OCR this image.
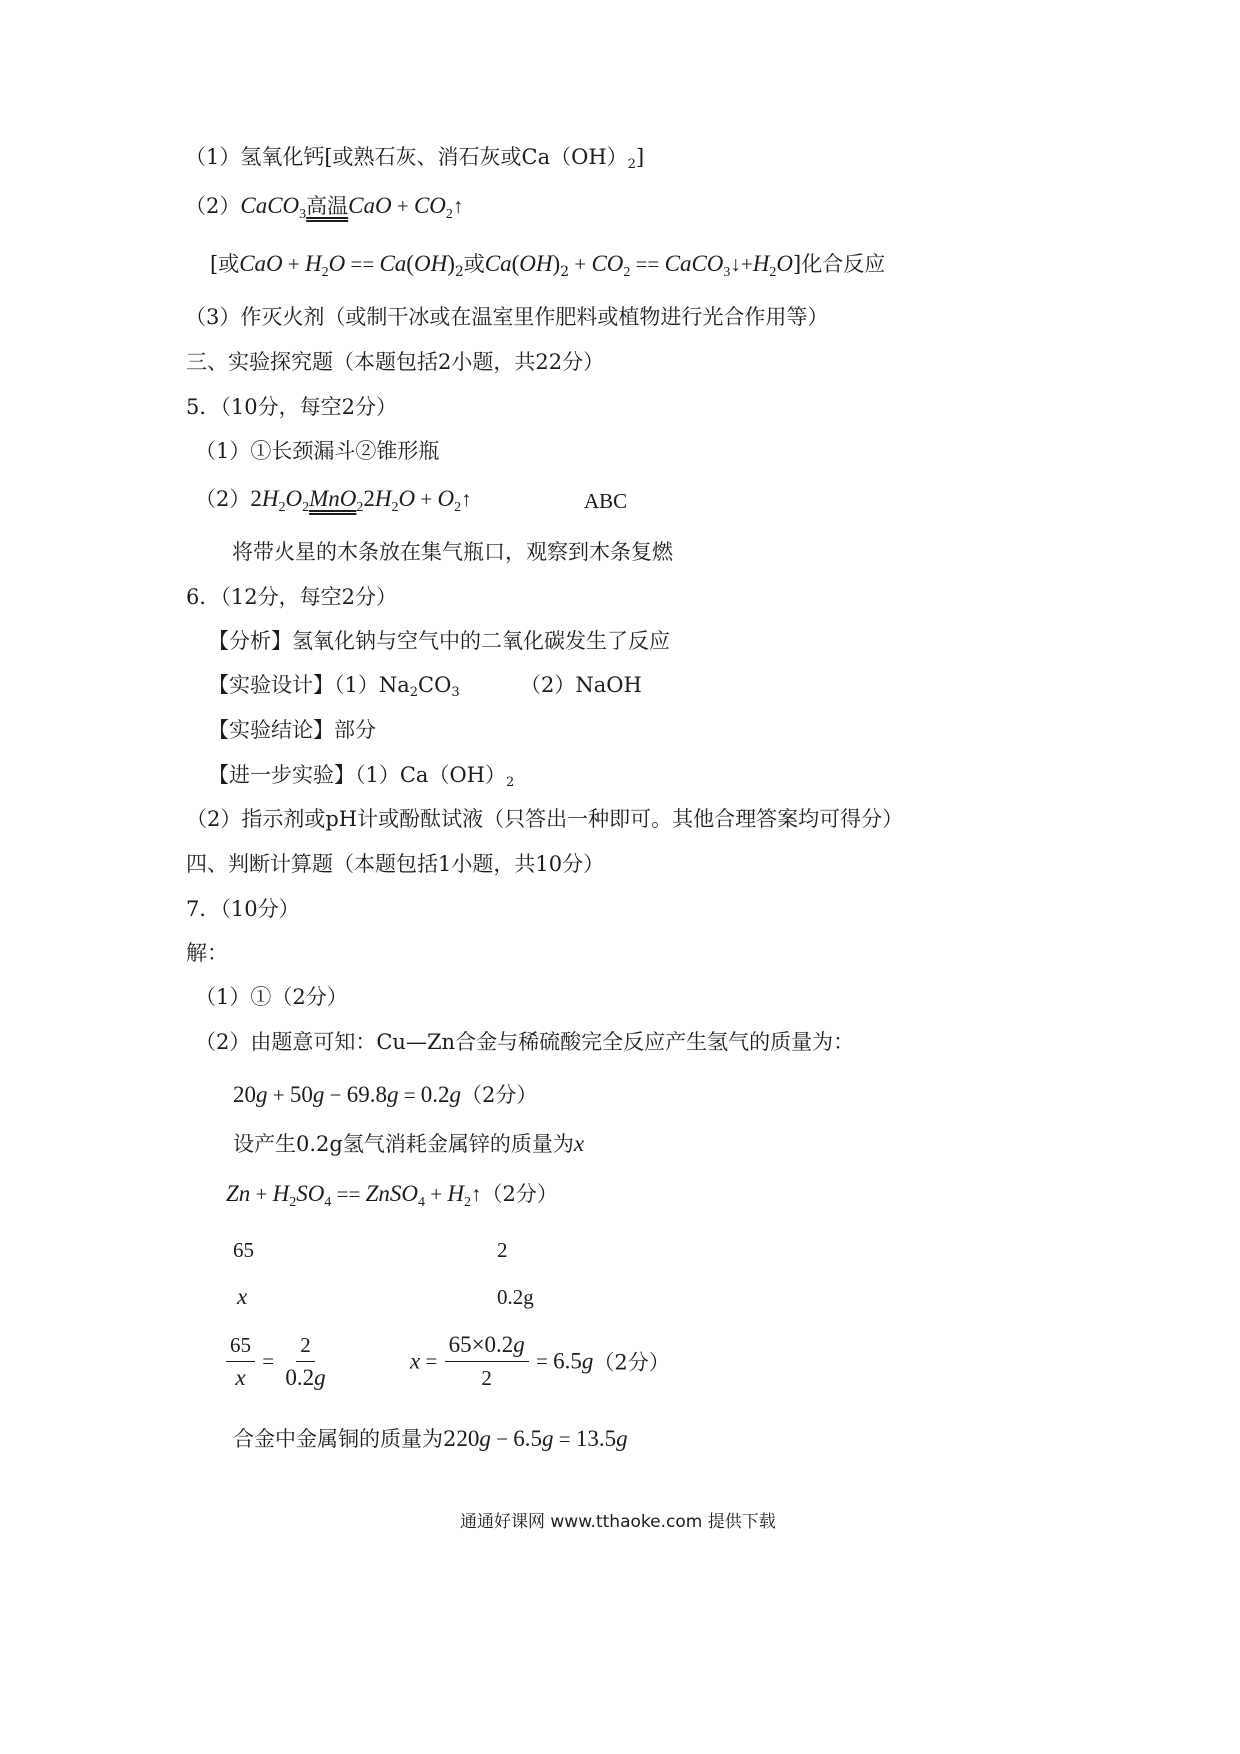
（1）氢氧化钙[或熟石灰、消石灰或Ca（OH）2]
（2）CaCO$_3$高温CaO + $CO_2↑$
[或CaO + $H_2O == Ca(OH)_2$或$Ca(OH)_2 + CO_2$ == CaCO$_3$↓ $+H_2O$]化合反应
（3）作灭火剂（或制干冰或在温室里作肥料或植物进行光合作用等）
三、实验探究题（本题包括2小题，共22分）
5．（10分，每空2分）
（1）①长颈漏斗②锥形瓶
$(2)2H_2O_2MnO_22H_2O$ + $O_2↑$	ABC
将带火星的木条放在集气瓶口，观察到木条复燃
6．（12分，每空2分）
【分析】氢氧化钠与空气中的二氧化碳发生了反应
【实验设计】（1）Na2CO3	（2）NaOH
【实验结论】部分
【进一步实验】（1）Ca（OH）2
（2）指示剂或pH计或酚酞试液（只答出一种即可。其他合理答案均可得分）
四、判断计算题（本题包括1小题，共10分）
7．（10分）
解：
（1）①（2分）
（2）由题意可知：Cu—Zn合金与稀硫酸完全反应产生氢气的质量为：
20g + 50g − 69.8g = 0.2g（2分）
设产生0.2g氢气消耗金属锌的质量为x
$Zn + H_2SO_4$ == ZnSO$_4$ + $H_2↑$ （2分）
65	2
x	0.2g
$\frac{65}{x} = \frac{2}{0.2g}$	$x = \frac{65\times 0.2g}{2} = 6.5g(2$分）
合金中金属铜的质量为220g − 6.5g = 13.5g
通通好课网 www.tthaoke.com 提供下载
